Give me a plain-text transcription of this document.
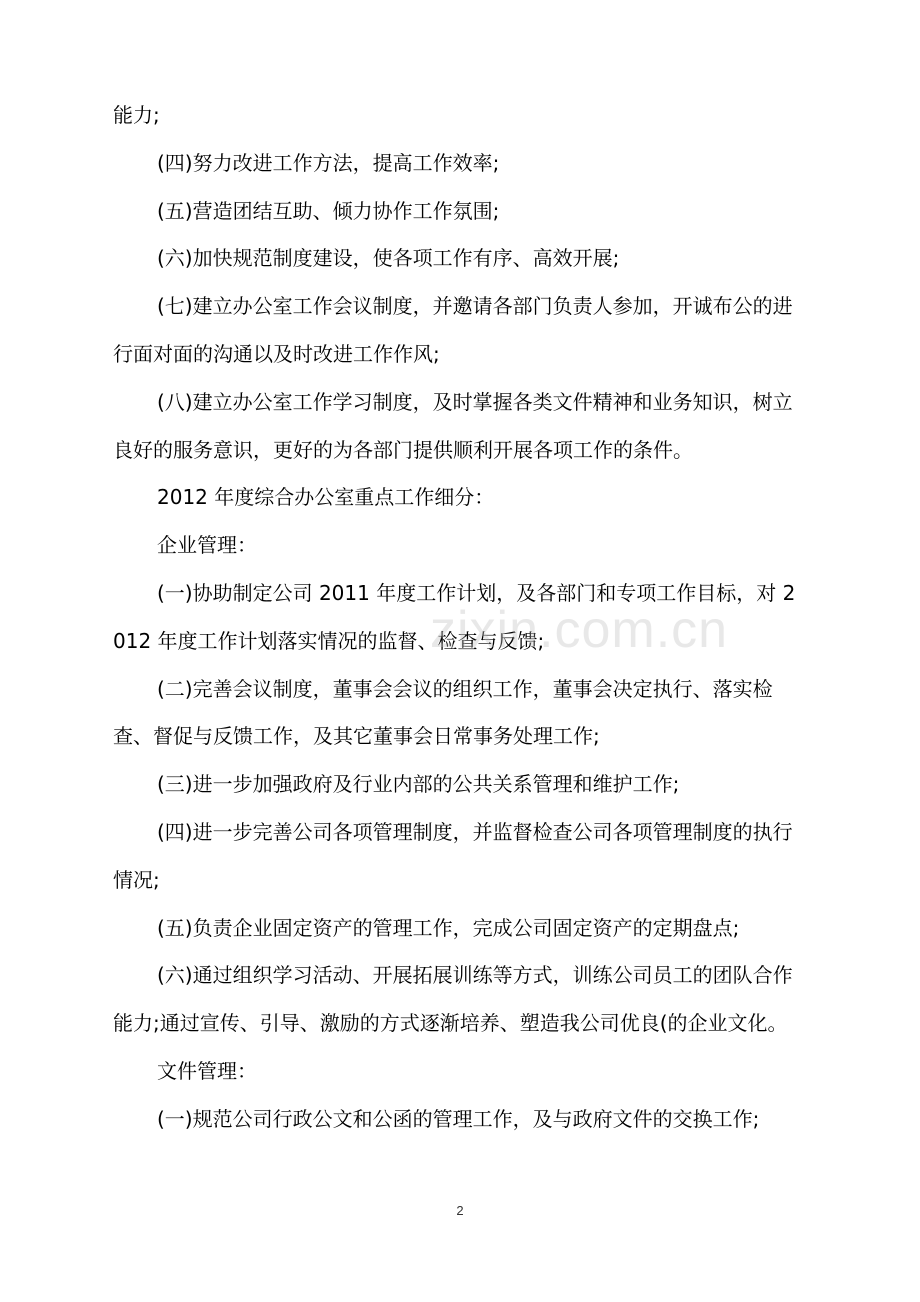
能力;

(四)努力改进工作方法，提高工作效率;

(五)营造团结互助、倾力协作工作氛围;

(六)加快规范制度建设，使各项工作有序、高效开展;

(七)建立办公室工作会议制度，并邀请各部门负责人参加，开诚布公的进行面对面的沟通以及时改进工作作风;

(八)建立办公室工作学习制度，及时掌握各类文件精神和业务知识，树立良好的服务意识，更好的为各部门提供顺利开展各项工作的条件。

2012 年度综合办公室重点工作细分：

企业管理：

(一)协助制定公司 2011 年度工作计划，及各部门和专项工作目标，对 2012 年度工作计划落实情况的监督、检查与反馈;

(二)完善会议制度，董事会会议的组织工作，董事会决定执行、落实检查、督促与反馈工作，及其它董事会日常事务处理工作;

(三)进一步加强政府及行业内部的公共关系管理和维护工作;

(四)进一步完善公司各项管理制度，并监督检查公司各项管理制度的执行情况;

(五)负责企业固定资产的管理工作，完成公司固定资产的定期盘点;

(六)通过组织学习活动、开展拓展训练等方式，训练公司员工的团队合作能力;通过宣传、引导、激励的方式逐渐培养、塑造我公司优良(的企业文化。

文件管理：

(一)规范公司行政公文和公函的管理工作，及与政府文件的交换工作;

zixin.com.cn
2
